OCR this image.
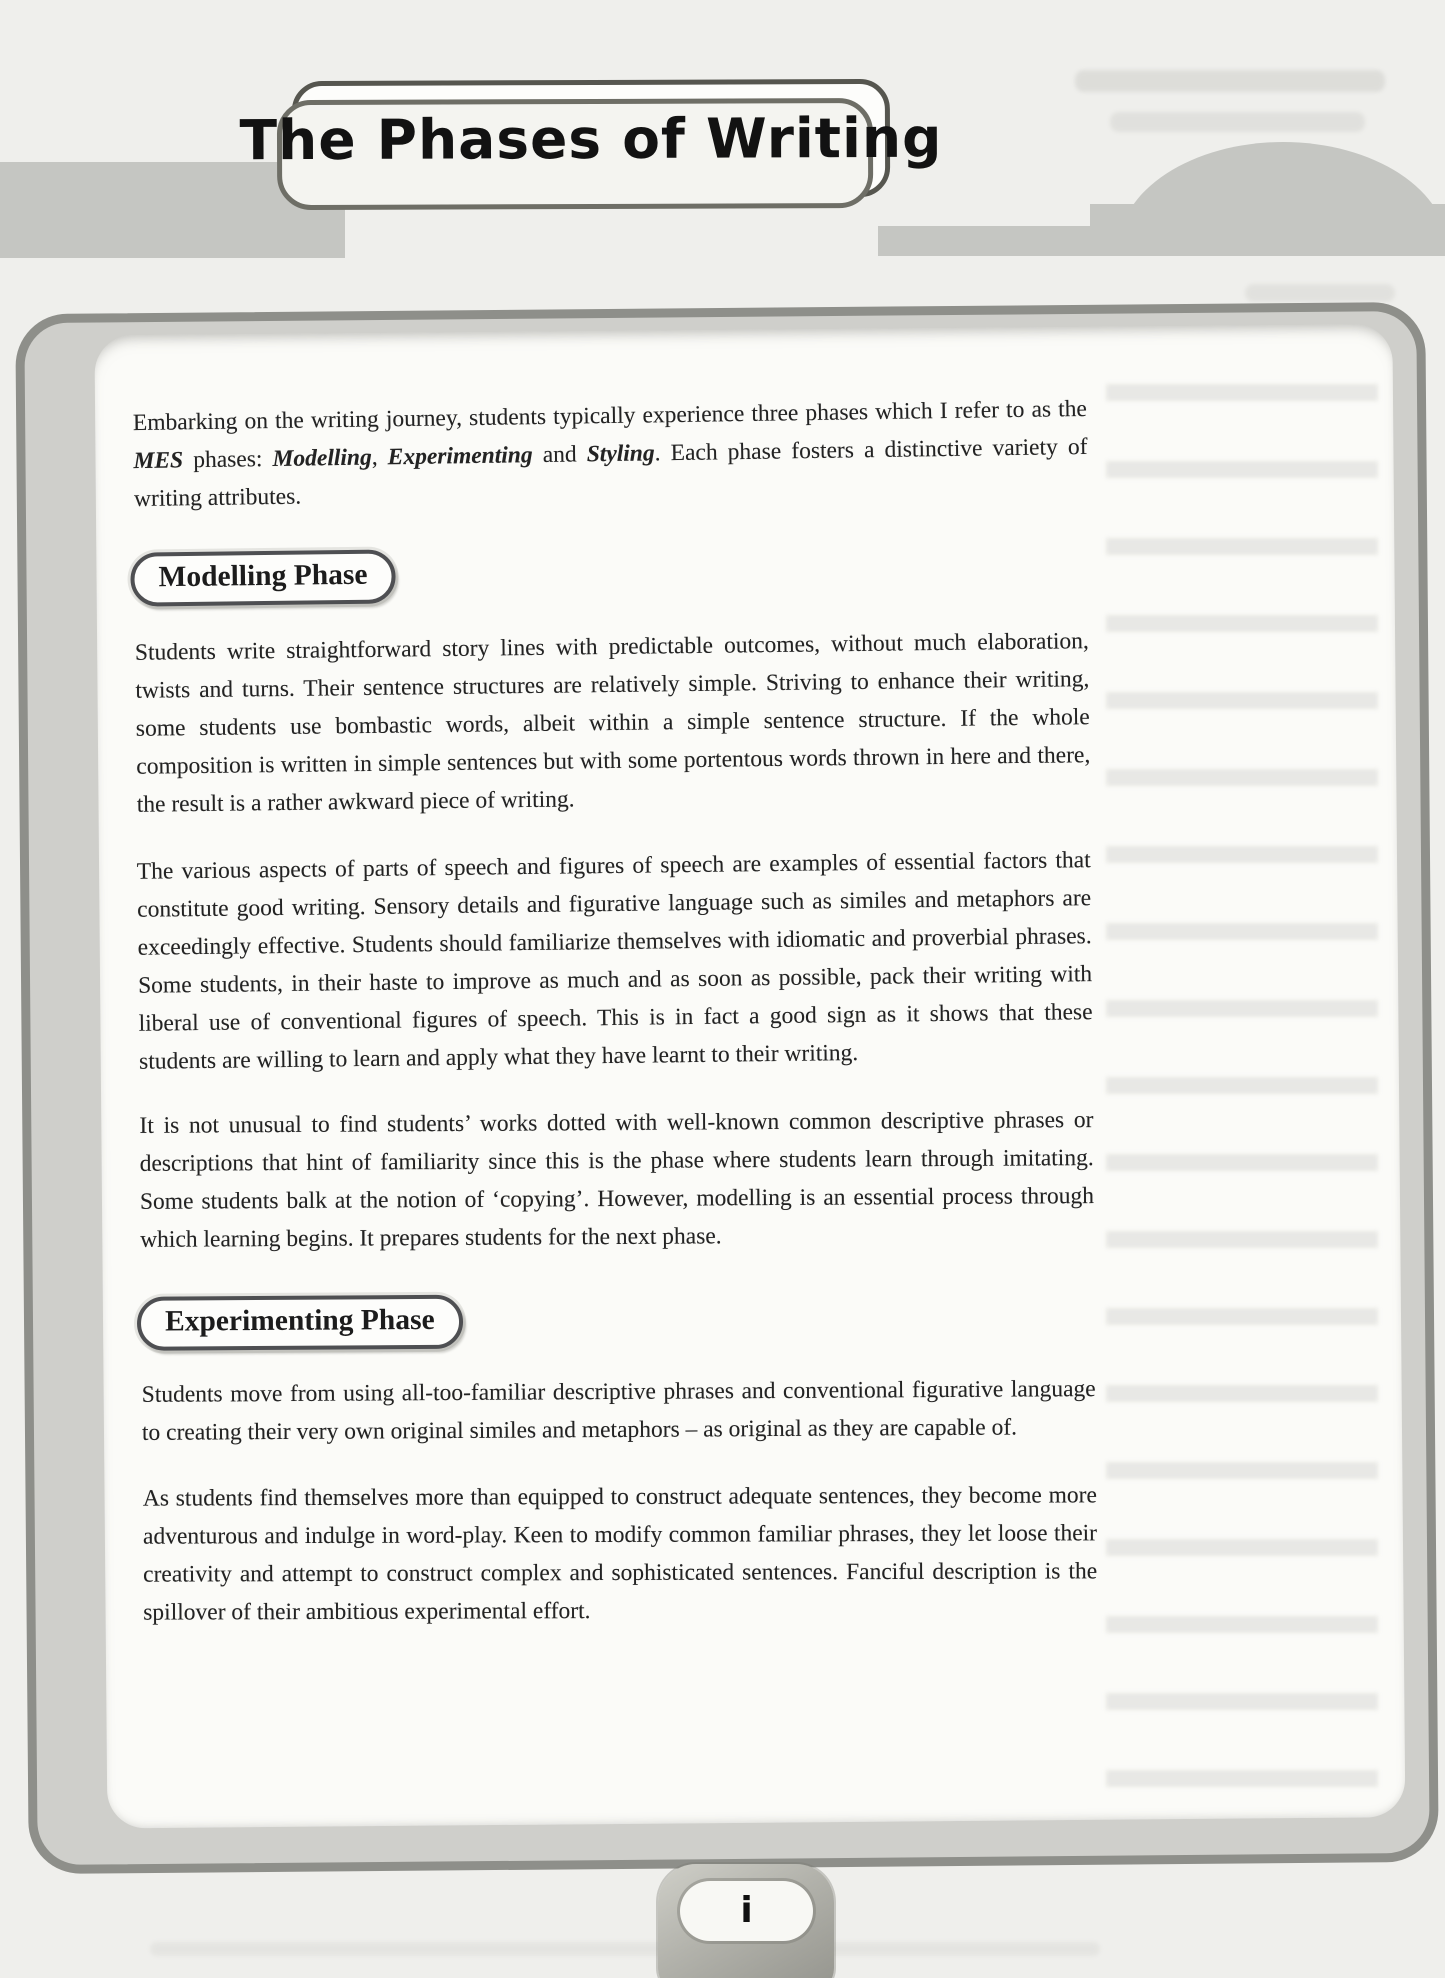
The Phases of Writing

Embarking on the writing journey, students typically experience three phases which I refer to as the MES phases: Modelling, Experimenting and Styling. Each phase fosters a distinctive variety of writing attributes.

Modelling Phase

Students write straightforward story lines with predictable outcomes, without much elaboration, twists and turns. Their sentence structures are relatively simple. Striving to enhance their writing, some students use bombastic words, albeit within a simple sentence structure. If the whole composition is written in simple sentences but with some portentous words thrown in here and there, the result is a rather awkward piece of writing.

The various aspects of parts of speech and figures of speech are examples of essential factors that constitute good writing. Sensory details and figurative language such as similes and metaphors are exceedingly effective. Students should familiarize themselves with idiomatic and proverbial phrases. Some students, in their haste to improve as much and as soon as possible, pack their writing with liberal use of conventional figures of speech. This is in fact a good sign as it shows that these students are willing to learn and apply what they have learnt to their writing.

It is not unusual to find students’ works dotted with well-known common descriptive phrases or descriptions that hint of familiarity since this is the phase where students learn through imitating. Some students balk at the notion of ‘copying’. However, modelling is an essential process through which learning begins. It prepares students for the next phase.

Experimenting Phase

Students move from using all-too-familiar descriptive phrases and conventional figurative language to creating their very own original similes and metaphors – as original as they are capable of.

As students find themselves more than equipped to construct adequate sentences, they become more adventurous and indulge in word-play. Keen to modify common familiar phrases, they let loose their creativity and attempt to construct complex and sophisticated sentences. Fanciful description is the spillover of their ambitious experimental effort.

i
